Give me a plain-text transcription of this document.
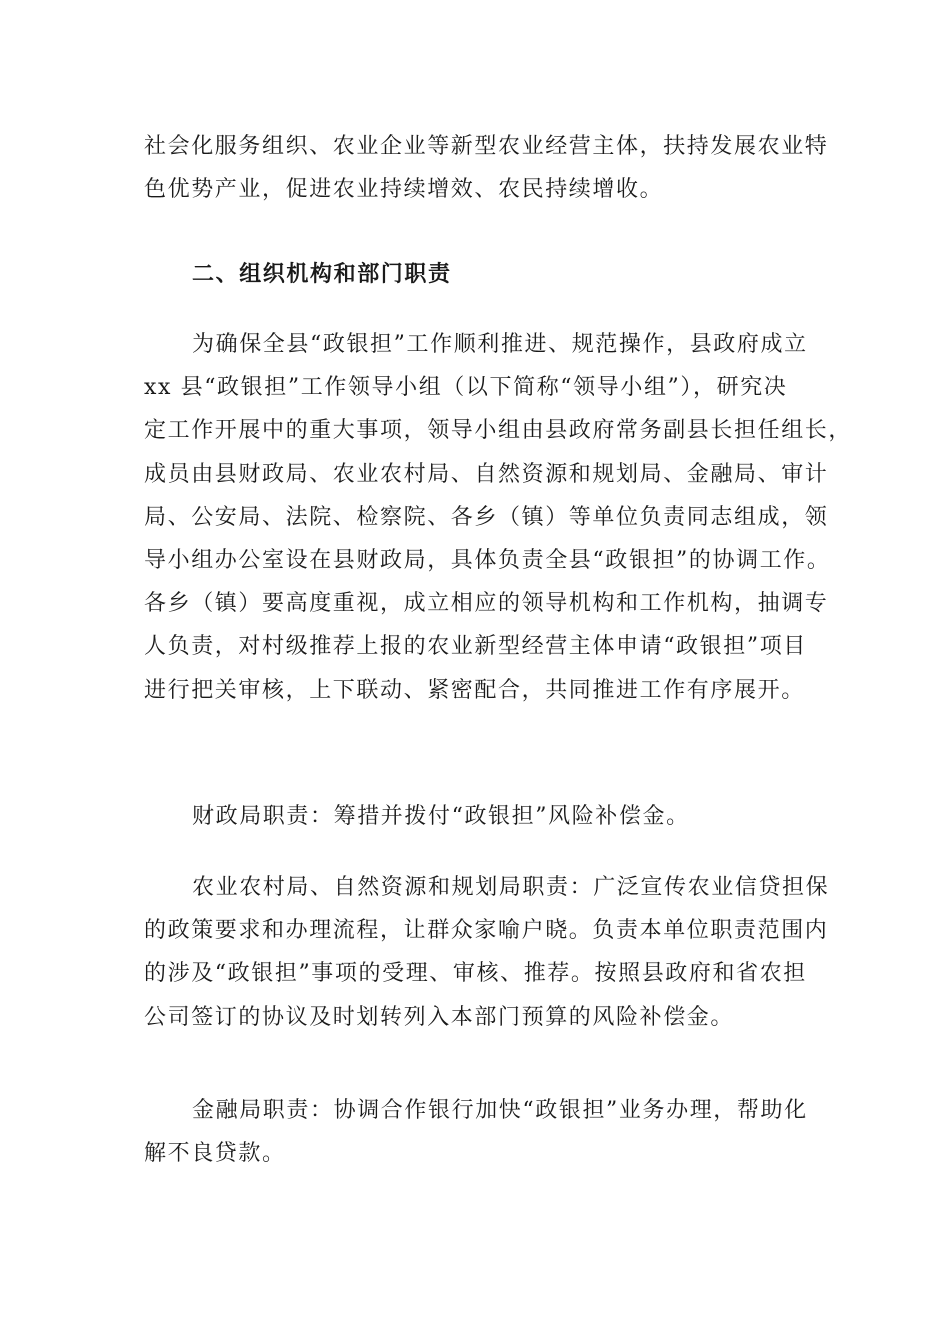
社会化服务组织、农业企业等新型农业经营主体，扶持发展农业特
色优势产业，促进农业持续增效、农民持续增收。

二、组织机构和部门职责

为确保全县“政银担”工作顺利推进、规范操作，县政府成立
xx 县“政银担”工作领导小组（以下简称“领导小组”），研究决
定工作开展中的重大事项，领导小组由县政府常务副县长担任组长，
成员由县财政局、农业农村局、自然资源和规划局、金融局、审计
局、公安局、法院、检察院、各乡（镇）等单位负责同志组成，领
导小组办公室设在县财政局，具体负责全县“政银担”的协调工作。
各乡（镇）要高度重视，成立相应的领导机构和工作机构，抽调专
人负责，对村级推荐上报的农业新型经营主体申请“政银担”项目
进行把关审核，上下联动、紧密配合，共同推进工作有序展开。

财政局职责：筹措并拨付“政银担”风险补偿金。

农业农村局、自然资源和规划局职责：广泛宣传农业信贷担保
的政策要求和办理流程，让群众家喻户晓。负责本单位职责范围内
的涉及“政银担”事项的受理、审核、推荐。按照县政府和省农担
公司签订的协议及时划转列入本部门预算的风险补偿金。

金融局职责：协调合作银行加快“政银担”业务办理，帮助化
解不良贷款。
